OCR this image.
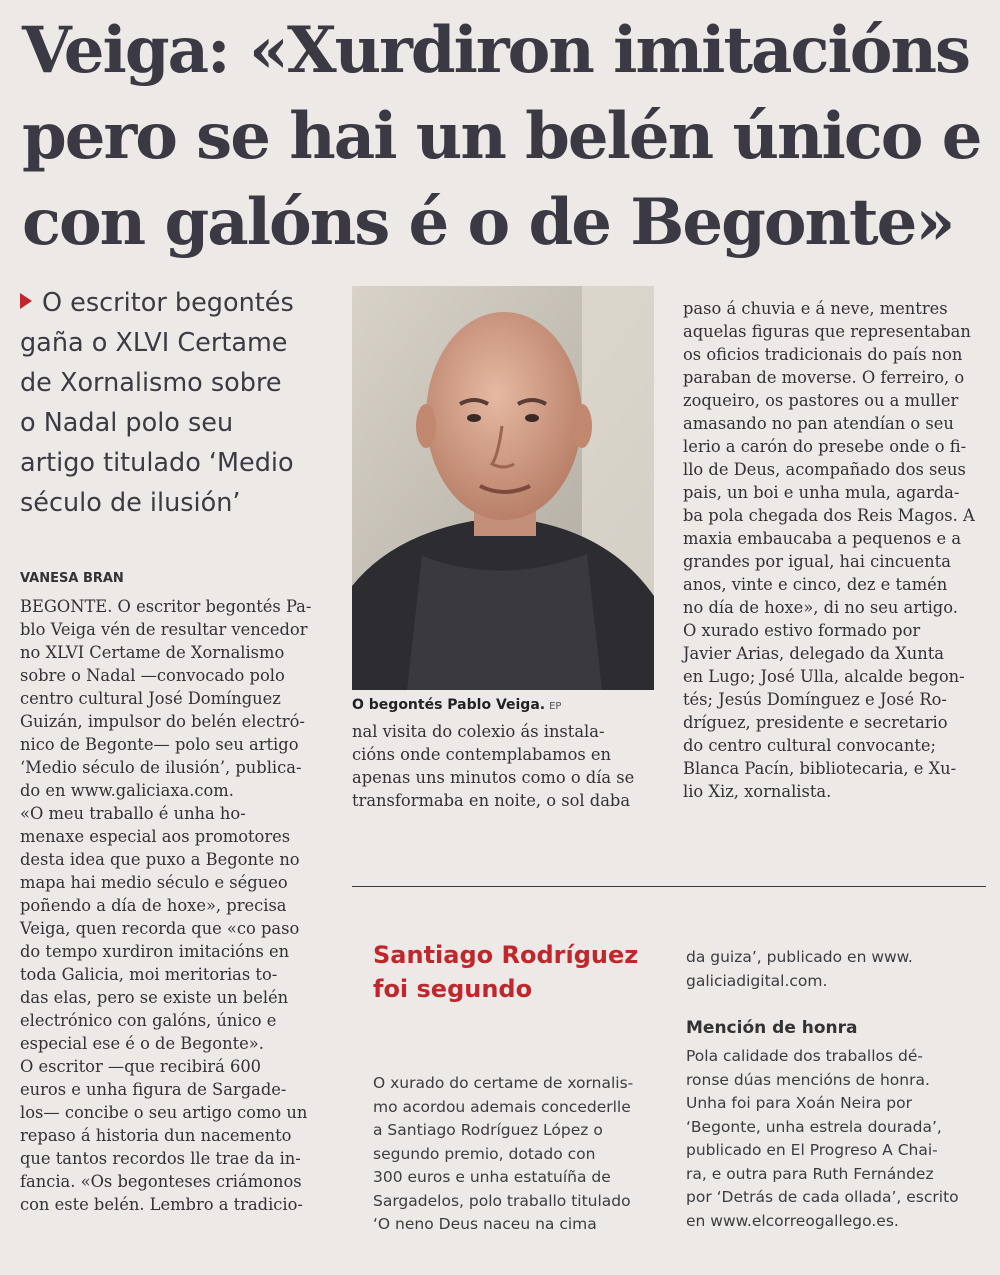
Veiga: «Xurdiron imitacións
pero se hai un belén único e
con galóns é o de Begonte»
O escritor begontés
gaña o XLVI Certame
de Xornalismo sobre
o Nadal polo seu
artigo titulado ‘Medio
século de ilusión’
VANESA BRAN
BEGONTE. O escritor begontés Pa-
blo Veiga vén de resultar vencedor
no XLVI Certame de Xornalismo
sobre o Nadal —convocado polo
centro cultural José Domínguez
Guizán, impulsor do belén electró-
nico de Begonte— polo seu artigo
‘Medio século de ilusión’, publica-
do en www.galiciaxa.com.
«O meu traballo é unha ho-
menaxe especial aos promotores
desta idea que puxo a Begonte no
mapa hai medio século e ségueo
poñendo a día de hoxe», precisa
Veiga, quen recorda que «co paso
do tempo xurdiron imitacións en
toda Galicia, moi meritorias to-
das elas, pero se existe un belén
electrónico con galóns, único e
especial ese é o de Begonte».
O escritor —que recibirá 600
euros e unha figura de Sargade-
los— concibe o seu artigo como un
repaso á historia dun nacemento
que tantos recordos lle trae da in-
fancia. «Os begonteses criámonos
con este belén. Lembro a tradicio-
O begontés Pablo Veiga. EP
nal visita do colexio ás instala-
cións onde contemplabamos en
apenas uns minutos como o día se
transformaba en noite, o sol daba
paso á chuvia e á neve, mentres
aquelas figuras que representaban
os oficios tradicionais do país non
paraban de moverse. O ferreiro, o
zoqueiro, os pastores ou a muller
amasando no pan atendían o seu
lerio a carón do presebe onde o fi-
llo de Deus, acompañado dos seus
pais, un boi e unha mula, agarda-
ba pola chegada dos Reis Magos. A
maxia embaucaba a pequenos e a
grandes por igual, hai cincuenta
anos, vinte e cinco, dez e tamén
no día de hoxe», di no seu artigo.
O xurado estivo formado por
Javier Arias, delegado da Xunta
en Lugo; José Ulla, alcalde begon-
tés; Jesús Domínguez e José Ro-
dríguez, presidente e secretario
do centro cultural convocante;
Blanca Pacín, bibliotecaria, e Xu-
lio Xiz, xornalista.
Santiago Rodríguez
foi segundo
O xurado do certame de xornalis-
mo acordou ademais concederlle
a Santiago Rodríguez López o
segundo premio, dotado con
300 euros e unha estatuíña de
Sargadelos, polo traballo titulado
‘O neno Deus naceu na cima
da guiza’, publicado en www.
galiciadigital.com.
Mención de honra
Pola calidade dos traballos dé-
ronse dúas mencións de honra.
Unha foi para Xoán Neira por
‘Begonte, unha estrela dourada’,
publicado en El Progreso A Chai-
ra, e outra para Ruth Fernández
por ‘Detrás de cada ollada’, escrito
en www.elcorreogallego.es.
